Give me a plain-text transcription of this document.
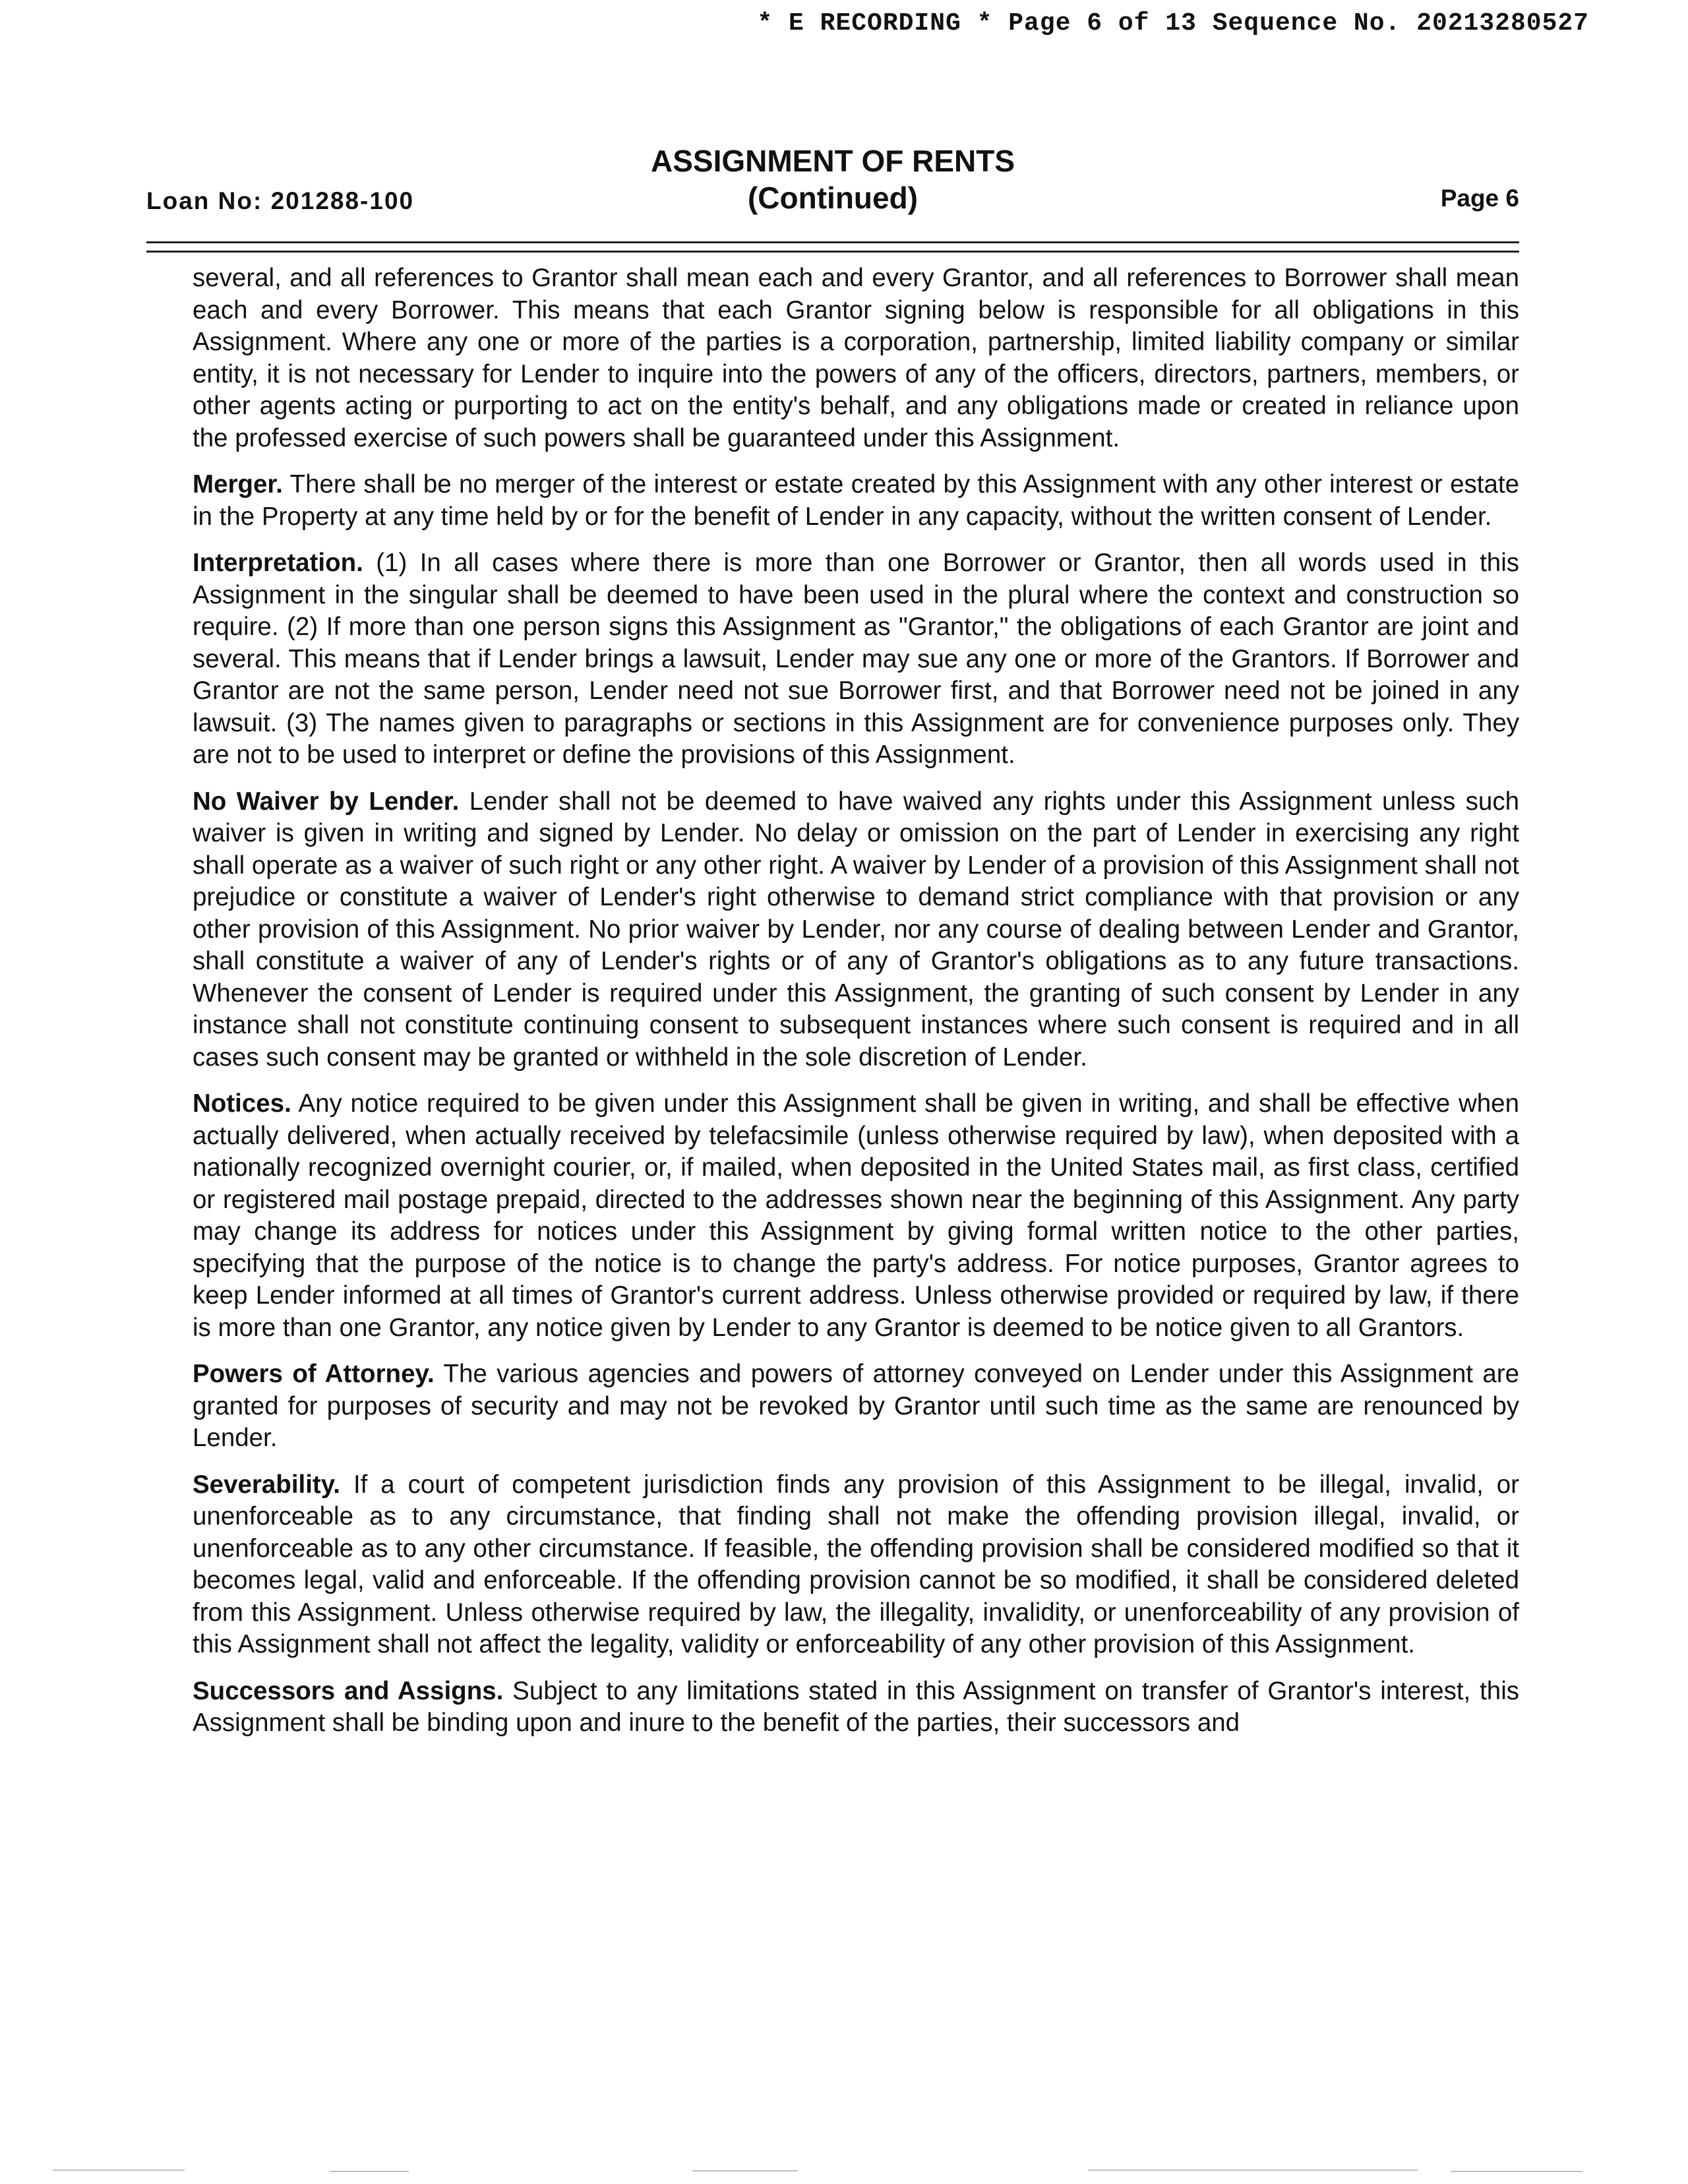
* E RECORDING * Page 6 of 13 Sequence No. 20213280527
Loan No: 201288-100
ASSIGNMENT OF RENTS
(Continued)	Page 6

several, and all references to Grantor shall mean each and every Grantor, and all references to Borrower shall mean each and every Borrower. This means that each Grantor signing below is responsible for all obligations in this Assignment. Where any one or more of the parties is a corporation, partnership, limited liability company or similar entity, it is not necessary for Lender to inquire into the powers of any of the officers, directors, partners, members, or other agents acting or purporting to act on the entity's behalf, and any obligations made or created in reliance upon the professed exercise of such powers shall be guaranteed under this Assignment.

Merger. There shall be no merger of the interest or estate created by this Assignment with any other interest or estate in the Property at any time held by or for the benefit of Lender in any capacity, without the written consent of Lender.

Interpretation. (1) In all cases where there is more than one Borrower or Grantor, then all words used in this Assignment in the singular shall be deemed to have been used in the plural where the context and construction so require. (2) If more than one person signs this Assignment as "Grantor," the obligations of each Grantor are joint and several. This means that if Lender brings a lawsuit, Lender may sue any one or more of the Grantors. If Borrower and Grantor are not the same person, Lender need not sue Borrower first, and that Borrower need not be joined in any lawsuit. (3) The names given to paragraphs or sections in this Assignment are for convenience purposes only. They are not to be used to interpret or define the provisions of this Assignment.

No Waiver by Lender. Lender shall not be deemed to have waived any rights under this Assignment unless such waiver is given in writing and signed by Lender. No delay or omission on the part of Lender in exercising any right shall operate as a waiver of such right or any other right. A waiver by Lender of a provision of this Assignment shall not prejudice or constitute a waiver of Lender's right otherwise to demand strict compliance with that provision or any other provision of this Assignment. No prior waiver by Lender, nor any course of dealing between Lender and Grantor, shall constitute a waiver of any of Lender's rights or of any of Grantor's obligations as to any future transactions. Whenever the consent of Lender is required under this Assignment, the granting of such consent by Lender in any instance shall not constitute continuing consent to subsequent instances where such consent is required and in all cases such consent may be granted or withheld in the sole discretion of Lender.

Notices. Any notice required to be given under this Assignment shall be given in writing, and shall be effective when actually delivered, when actually received by telefacsimile (unless otherwise required by law), when deposited with a nationally recognized overnight courier, or, if mailed, when deposited in the United States mail, as first class, certified or registered mail postage prepaid, directed to the addresses shown near the beginning of this Assignment. Any party may change its address for notices under this Assignment by giving formal written notice to the other parties, specifying that the purpose of the notice is to change the party's address. For notice purposes, Grantor agrees to keep Lender informed at all times of Grantor's current address. Unless otherwise provided or required by law, if there is more than one Grantor, any notice given by Lender to any Grantor is deemed to be notice given to all Grantors.

Powers of Attorney. The various agencies and powers of attorney conveyed on Lender under this Assignment are granted for purposes of security and may not be revoked by Grantor until such time as the same are renounced by Lender.

Severability. If a court of competent jurisdiction finds any provision of this Assignment to be illegal, invalid, or unenforceable as to any circumstance, that finding shall not make the offending provision illegal, invalid, or unenforceable as to any other circumstance. If feasible, the offending provision shall be considered modified so that it becomes legal, valid and enforceable. If the offending provision cannot be so modified, it shall be considered deleted from this Assignment. Unless otherwise required by law, the illegality, invalidity, or unenforceability of any provision of this Assignment shall not affect the legality, validity or enforceability of any other provision of this Assignment.

Successors and Assigns. Subject to any limitations stated in this Assignment on transfer of Grantor's interest, this Assignment shall be binding upon and inure to the benefit of the parties, their successors and
